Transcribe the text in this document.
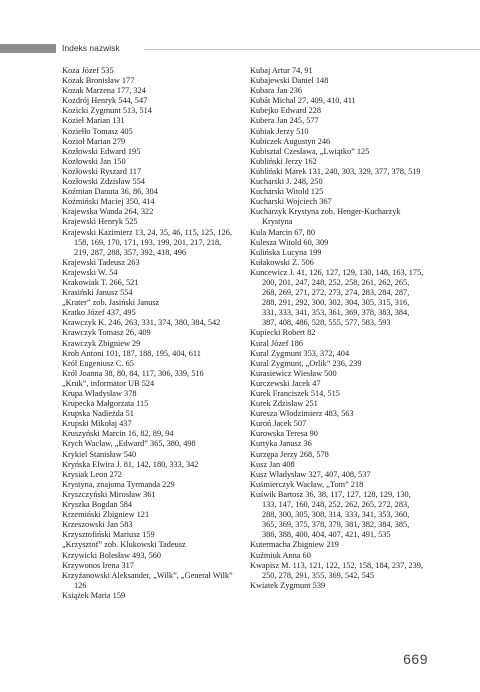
Indeks nazwisk
Koza Józef 535
Kozak Bronisław 177
Kozak Marzena 177, 324
Kozdrój Henryk 544, 547
Kozicki Zygmunt 513, 514
Kozieł Marian 131
Koziełło Tomasz 405
Kozioł Marian 279
Kozłowski Edward 195
Kozłowski Jan 150
Kozłowski Ryszard 117
Kozłowski Zdzisław 554
Koźmian Danuta 36, 86, 304
Koźmiński Maciej 350, 414
Krajewska Wanda 264, 322
Krajewski Henryk 525
Krajewski Kazimierz 13, 24, 35, 46, 115, 125, 126, 158, 169, 170, 171, 193, 199, 201, 217, 218, 219, 287, 288, 357, 392, 418, 496
Krajewski Tadeusz 263
Krajewski W. 54
Krakowiak T. 266, 521
Krasiński Janusz 554
„Krater” zob. Jasiński Janusz
Kratko Józef 437, 495
Krawczyk K. 246, 263, 331, 374, 380, 384, 542
Krawczyk Tomasz 26, 409
Krawczyk Zbigniew 29
Kroh Antoni 101, 187, 188, 195, 404, 611
Król Eugeniusz C. 65
Król Joanna 38, 80, 84, 117, 306, 339, 516
„Kruk”, informator UB 524
Krupa Władysław 378
Krupecka Małgorzata 115
Krupska Nadieżda 51
Krupski Mikołaj 437
Kruszyński Marcin 16, 82, 89, 94
Krych Wacław, „Edward” 365, 380, 498
Krykiel Stanisław 540
Kryńska Elwira J. 81, 142, 180, 333, 342
Krysiak Leon 272
Krystyna, znajoma Tyrmanda 229
Kryszczyński Mirosław 361
Kryszka Bogdan 584
Krzemiński Zbigniew 121
Krzeszowski Jan 583
Krzysztofiński Mariusz 159
„Krzysztof” zob. Klukowski Tadeusz
Krzywicki Bolesław 493, 560
Krzywonos Irena 317
Krzyżanowski Aleksander, „Wilk”, „Generał Wilk” 126
Książek Maria 159
Kubaj Artur 74, 91
Kubajewski Daniel 148
Kubara Jan 236
Kubát Michal 27, 409, 410, 411
Kubejko Edward 228
Kubera Jan 245, 577
Kubiak Jerzy 510
Kubiczek Augustyn 246
Kubisztal Czesława, „Lwiątko” 125
Kubliński Jerzy 162
Kubliński Marek 131, 240, 303, 329, 377, 378, 519
Kucharski J. 248, 250
Kucharski Witold 125
Kucharski Wojciech 367
Kucharzyk Krystyna zob. Henger-Kucharzyk Krystyna
Kula Marcin 67, 80
Kulesza Witold 60, 309
Kulińska Lucyna 199
Kułakowski Z. 506
Kuncewicz J. 41, 126, 127, 129, 130, 148, 163, 175, 200, 201, 247, 248, 252, 258, 261, 262, 265, 268, 269, 271, 272, 273, 274, 283, 284, 287, 288, 291, 292, 300, 302, 304, 305, 315, 316, 331, 333, 341, 353, 361, 369, 378, 383, 384, 387, 408, 486, 528, 555, 577, 583, 593
Kupiecki Robert 82
Kural Józef 186
Kural Zygmunt 353, 372, 404
Kural Zygmunt, „Orlik” 236, 239
Kurasiewicz Wiesław 500
Kurczewski Jacek 47
Kurek Franciszek 514, 515
Kurek Zdzisław 251
Kuresza Włodzimierz 483, 563
Kuroń Jacek 507
Kurowska Teresa 90
Kurtyka Janusz 36
Kurzępa Jerzy 268, 578
Kusz Jan 408
Kusz Władysław 327, 407, 408, 537
Kuśmierczyk Wacław, „Tom” 218
Kuświk Bartosz 36, 38, 117, 127, 128, 129, 130, 133, 147, 160, 248, 252, 262, 265, 272, 283, 288, 300, 305, 308, 314, 333, 341, 353, 360, 365, 369, 375, 378, 379, 381, 382, 384, 385, 386, 388, 400, 404, 407, 421, 491, 535
Kutermacha Zbigniew 219
Kuźmiuk Anna 60
Kwapisz M. 113, 121, 122, 152, 158, 184, 237, 239, 250, 278, 291, 355, 369, 542, 545
Kwiatek Zygmunt 539
669
